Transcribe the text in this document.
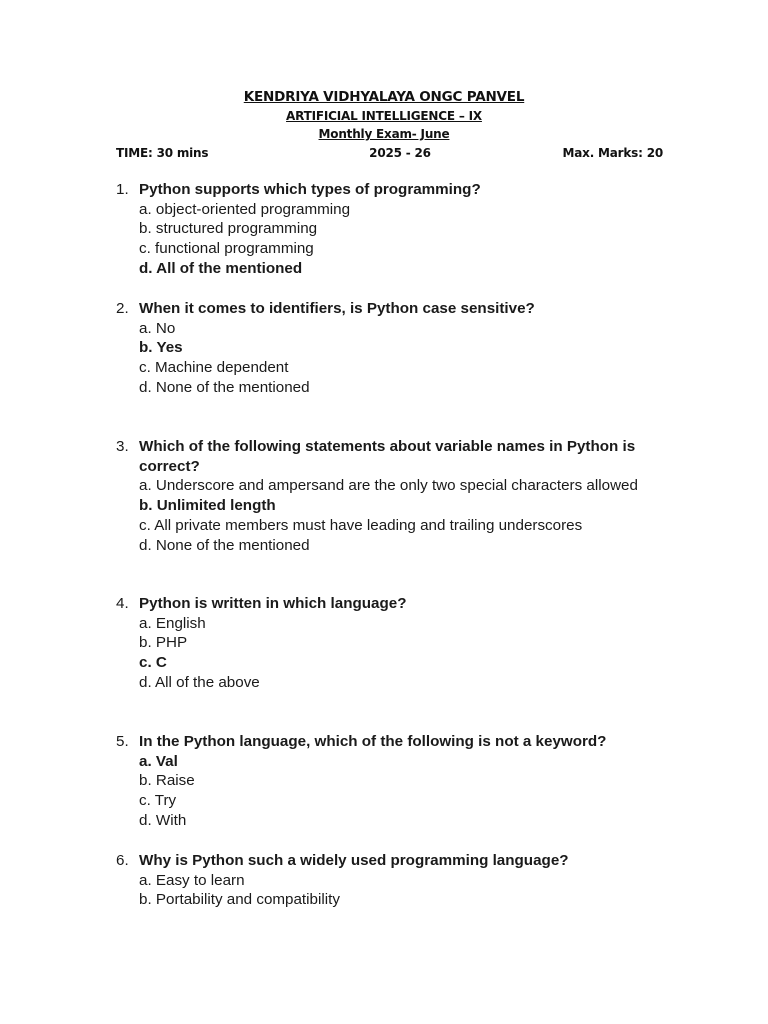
KENDRIYA VIDHYALAYA ONGC PANVEL
ARTIFICIAL INTELLIGENCE – IX
Monthly Exam- June
TIME: 30 mins	2025 - 26	Max. Marks: 20
1. Python supports which types of programming?
a. object-oriented programming
b. structured programming
c. functional programming
d. All of the mentioned
2. When it comes to identifiers, is Python case sensitive?
a. No
b. Yes
c. Machine dependent
d. None of the mentioned
3. Which of the following statements about variable names in Python is correct?
a. Underscore and ampersand are the only two special characters allowed
b. Unlimited length
c. All private members must have leading and trailing underscores
d. None of the mentioned
4. Python is written in which language?
a. English
b. PHP
c. C
d. All of the above
5. In the Python language, which of the following is not a keyword?
a. Val
b. Raise
c. Try
d. With
6. Why is Python such a widely used programming language?
a. Easy to learn
b. Portability and compatibility
